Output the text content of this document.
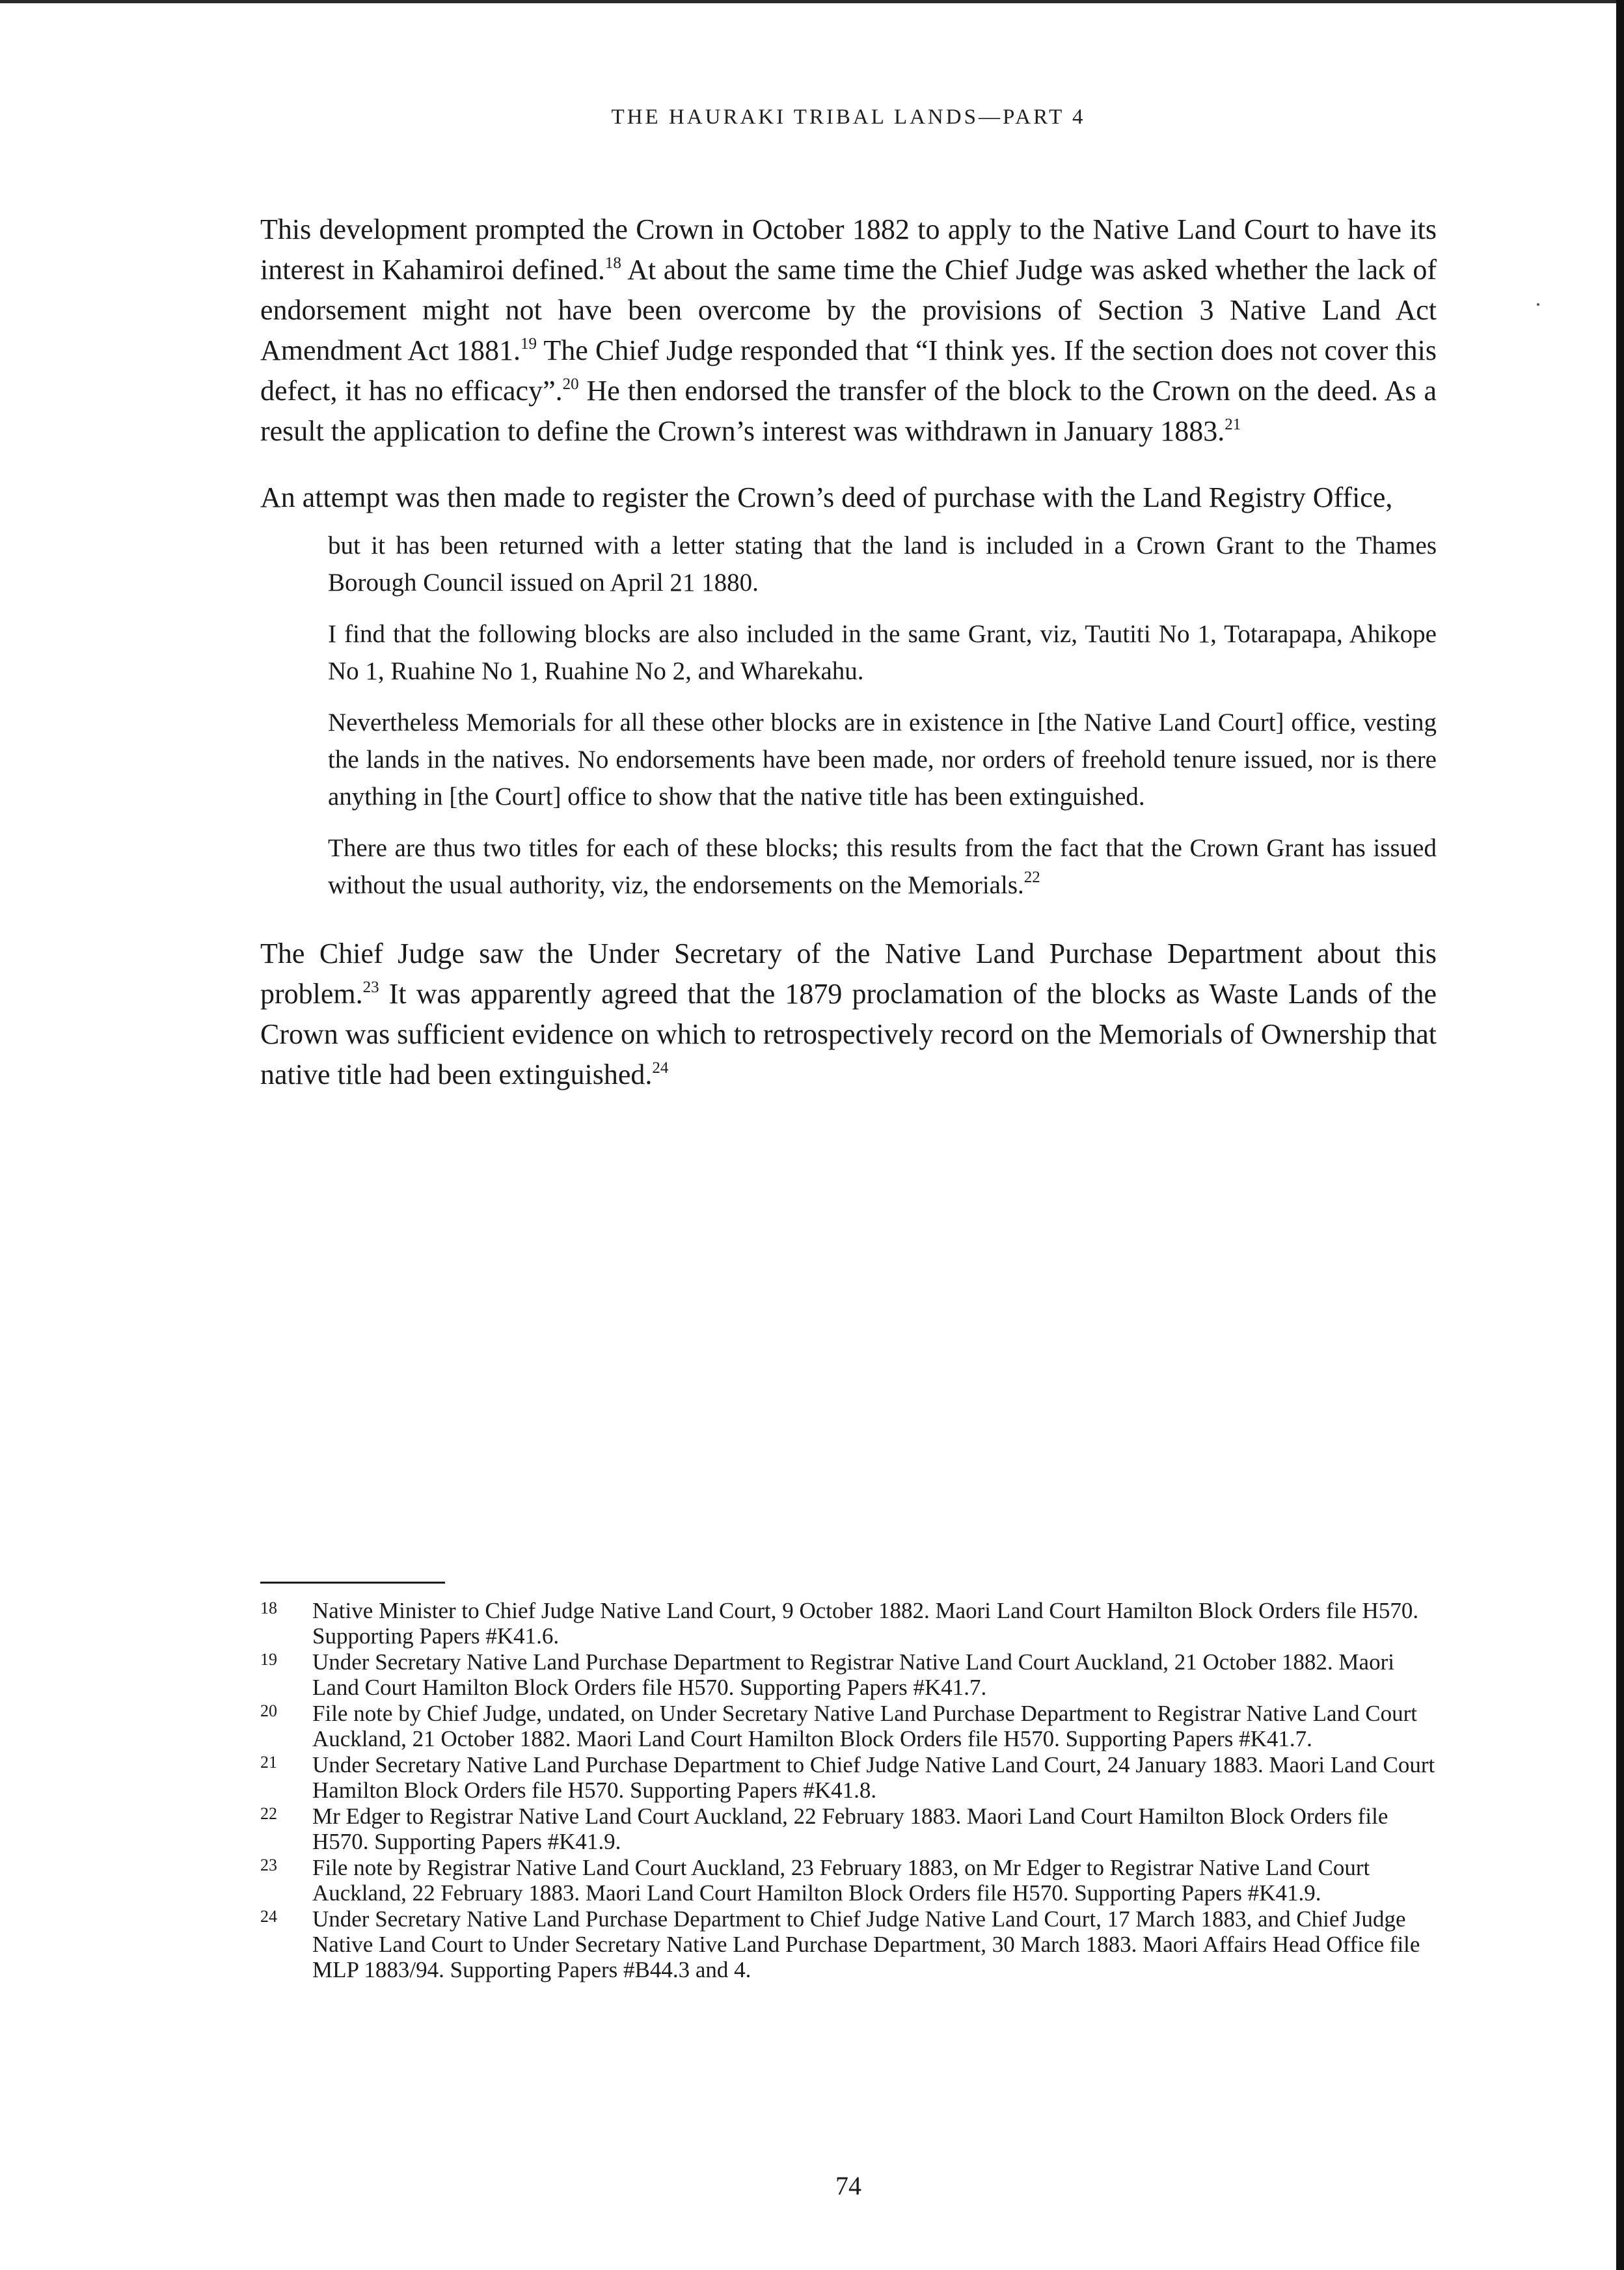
THE HAURAKI TRIBAL LANDS—PART 4

This development prompted the Crown in October 1882 to apply to the Native Land Court to have its interest in Kahamiroi defined.$^{18}$ At about the same time the Chief Judge was asked whether the lack of endorsement might not have been overcome by the provisions of Section 3 Native Land Act Amendment Act 1881.19 The Chief Judge responded that “I think yes. If the section does not cover this defect, it has no efficacy”.$^{20}$ He then endorsed the transfer of the block to the Crown on the deed. As a result the application to define the Crown’s interest was withdrawn in January 1883.21

An attempt was then made to register the Crown’s deed of purchase with the Land Registry Office,

but it has been returned with a letter stating that the land is included in a Crown Grant to the Thames Borough Council issued on April 21 1880.

I find that the following blocks are also included in the same Grant, viz, Tautiti No 1, Totarapapa, Ahikope No 1, Ruahine No 1, Ruahine No 2, and Wharekahu.

Nevertheless Memorials for all these other blocks are in existence in [the Native Land Court] office, vesting the lands in the natives. No endorsements have been made, nor orders of freehold tenure issued, nor is there anything in [the Court] office to show that the native title has been extinguished.

There are thus two titles for each of these blocks; this results from the fact that the Crown Grant has issued without the usual authority, viz, the endorsements on the Memorials.$^{22}$

The Chief Judge saw the Under Secretary of the Native Land Purchase Department about this problem.$^{23}$ It was apparently agreed that the 1879 proclamation of the blocks as Waste Lands of the Crown was sufficient evidence on which to retrospectively record on the Memorials of Ownership that native title had been extinguished.$^{24}$

18 Native Minister to Chief Judge Native Land Court, 9 October 1882. Maori Land Court Hamilton Block Orders file H570. Supporting Papers #K41.6.
19 Under Secretary Native Land Purchase Department to Registrar Native Land Court Auckland, 21 October 1882. Maori Land Court Hamilton Block Orders file H570. Supporting Papers #K41.7.
20 File note by Chief Judge, undated, on Under Secretary Native Land Purchase Department to Registrar Native Land Court Auckland, 21 October 1882. Maori Land Court Hamilton Block Orders file H570. Supporting Papers #K41.7.
21 Under Secretary Native Land Purchase Department to Chief Judge Native Land Court, 24 January 1883. Maori Land Court Hamilton Block Orders file H570. Supporting Papers #K41.8.
22 Mr Edger to Registrar Native Land Court Auckland, 22 February 1883. Maori Land Court Hamilton Block Orders file H570. Supporting Papers #K41.9.
23 File note by Registrar Native Land Court Auckland, 23 February 1883, on Mr Edger to Registrar Native Land Court Auckland, 22 February 1883. Maori Land Court Hamilton Block Orders file H570. Supporting Papers #K41.9.
24 Under Secretary Native Land Purchase Department to Chief Judge Native Land Court, 17 March 1883, and Chief Judge Native Land Court to Under Secretary Native Land Purchase Department, 30 March 1883. Maori Affairs Head Office file MLP 1883/94. Supporting Papers #B44.3 and 4.
74
